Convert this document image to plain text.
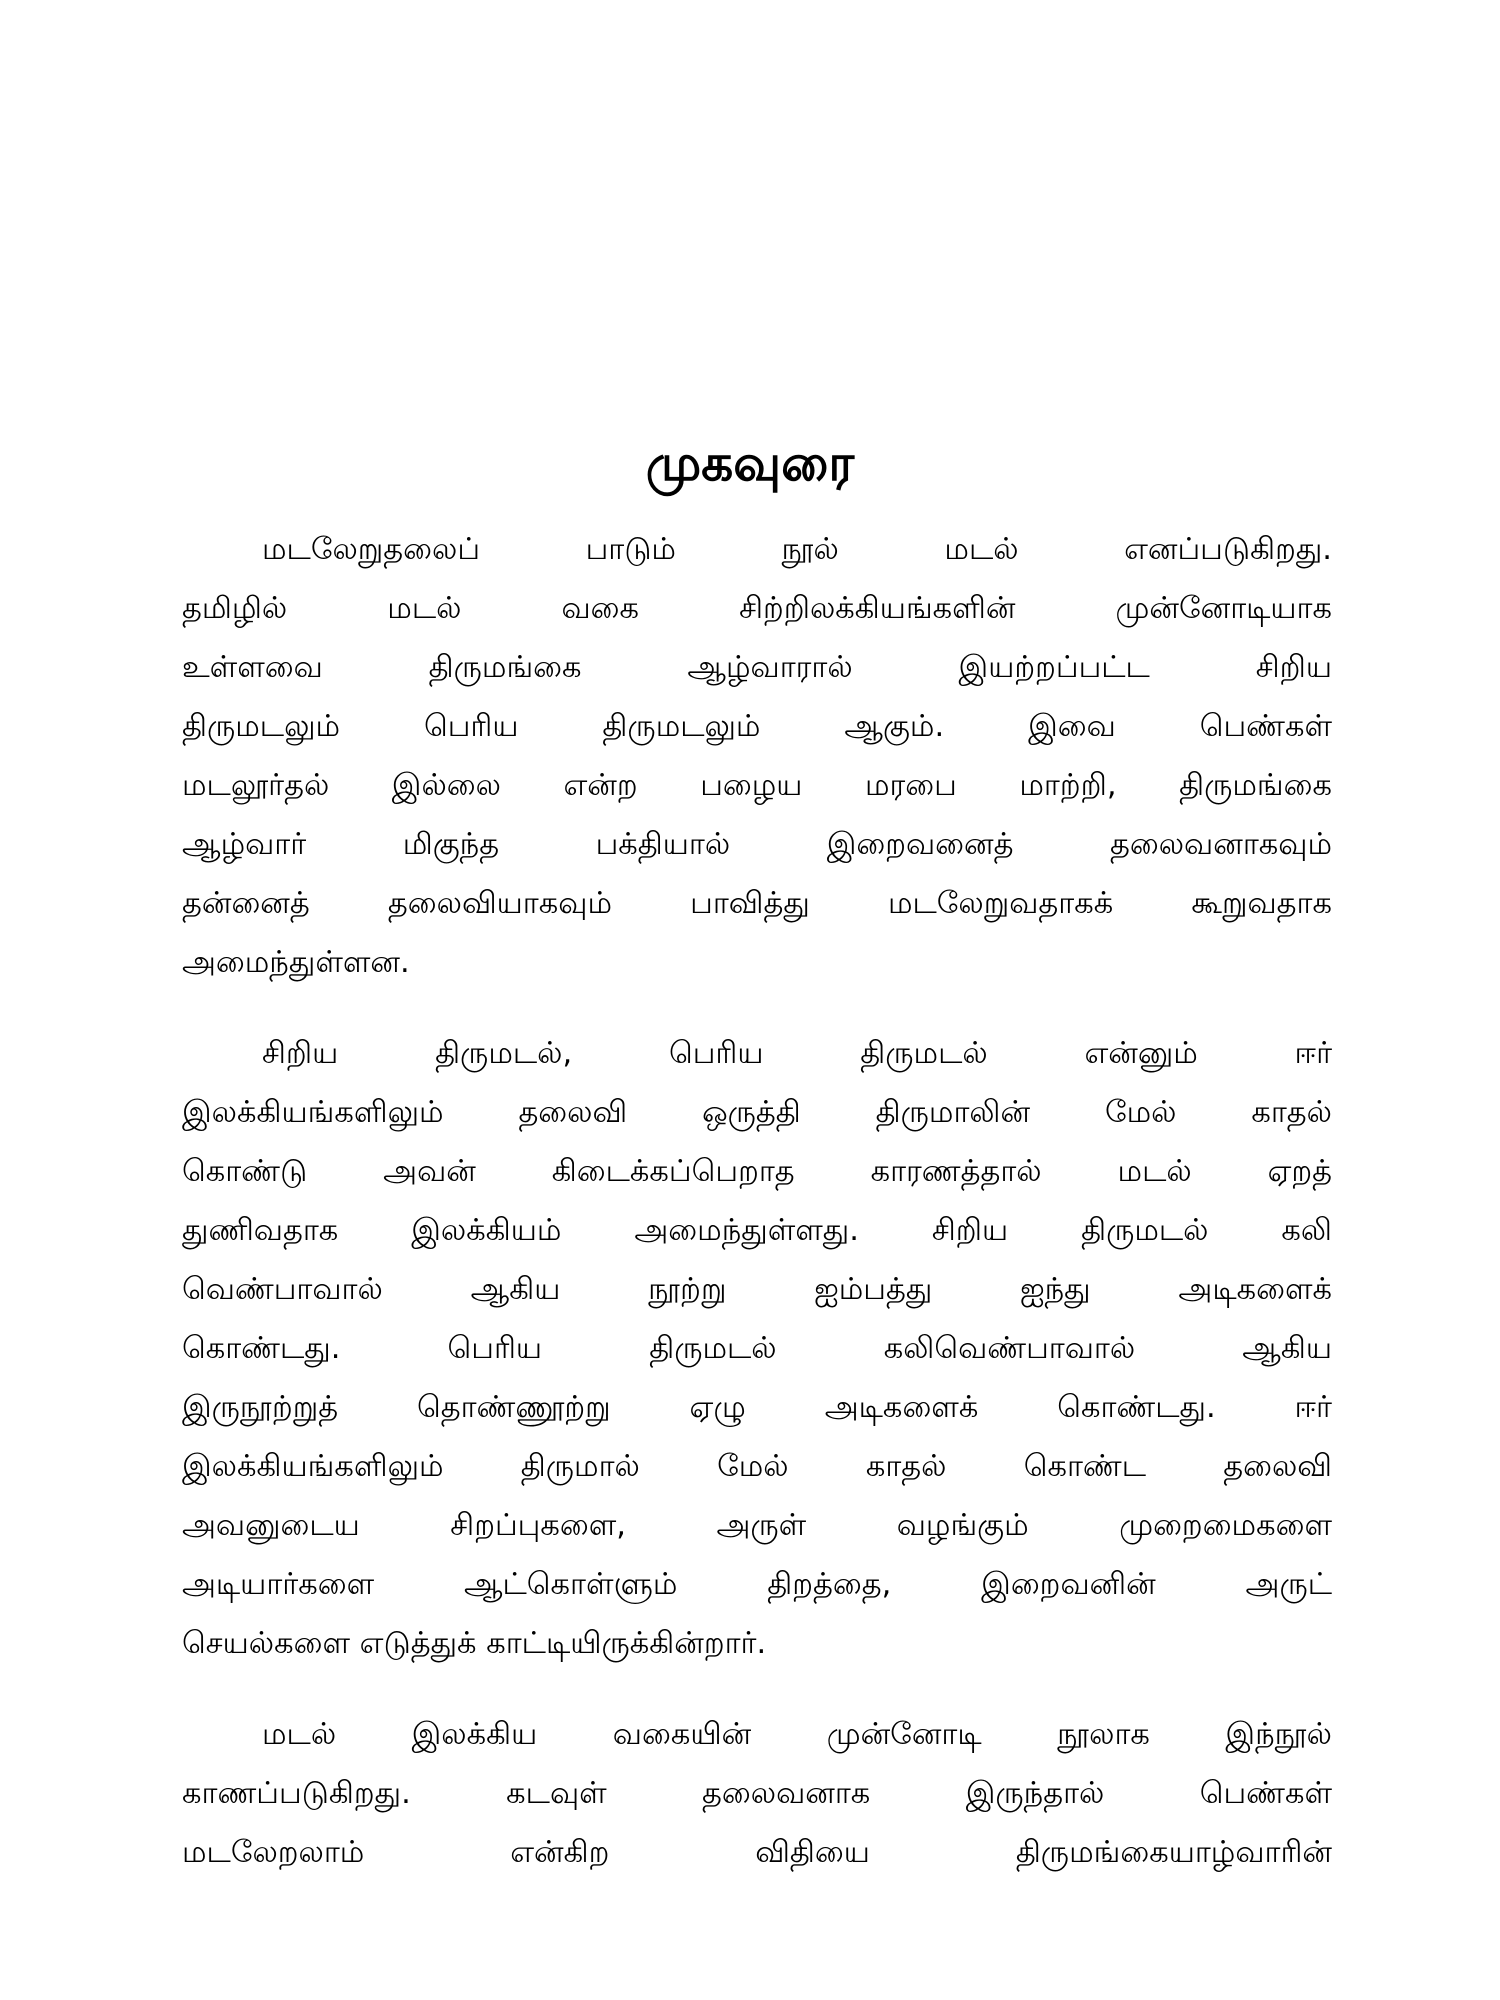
முகவுரை

மடலேறுதலைப் பாடும் நூல் மடல் எனப்படுகிறது.

தமிழில் மடல் வகை சிற்றிலக்கியங்களின் முன்னோடியாக

உள்ளவை திருமங்கை ஆழ்வாரால் இயற்றப்பட்ட சிறிய

திருமடலும் பெரிய திருமடலும் ஆகும். இவை பெண்கள்

மடலூர்தல் இல்லை என்ற பழைய மரபை மாற்றி, திருமங்கை

ஆழ்வார் மிகுந்த பக்தியால் இறைவனைத் தலைவனாகவும்

தன்னைத் தலைவியாகவும் பாவித்து மடலேறுவதாகக் கூறுவதாக

அமைந்துள்ளன.

சிறிய திருமடல், பெரிய திருமடல் என்னும் ஈர்

இலக்கியங்களிலும் தலைவி ஒருத்தி திருமாலின் மேல் காதல்

கொண்டு அவன் கிடைக்கப்பெறாத காரணத்தால் மடல் ஏறத்

துணிவதாக இலக்கியம் அமைந்துள்ளது. சிறிய திருமடல் கலி

வெண்பாவால் ஆகிய நூற்று ஐம்பத்து ஐந்து அடிகளைக்

கொண்டது. பெரிய திருமடல் கலிவெண்பாவால் ஆகிய

இருநூற்றுத் தொண்ணூற்று ஏழு அடிகளைக் கொண்டது. ஈர்

இலக்கியங்களிலும் திருமால் மேல் காதல் கொண்ட தலைவி

அவனுடைய சிறப்புகளை, அருள் வழங்கும் முறைமைகளை

அடியார்களை ஆட்கொள்ளும் திறத்தை, இறைவனின் அருட்

செயல்களை எடுத்துக் காட்டியிருக்கின்றார்.

மடல் இலக்கிய வகையின் முன்னோடி நூலாக இந்நூல்

காணப்படுகிறது. கடவுள் தலைவனாக இருந்தால் பெண்கள்

மடலேறலாம் என்கிற விதியை திருமங்கையாழ்வாரின்
